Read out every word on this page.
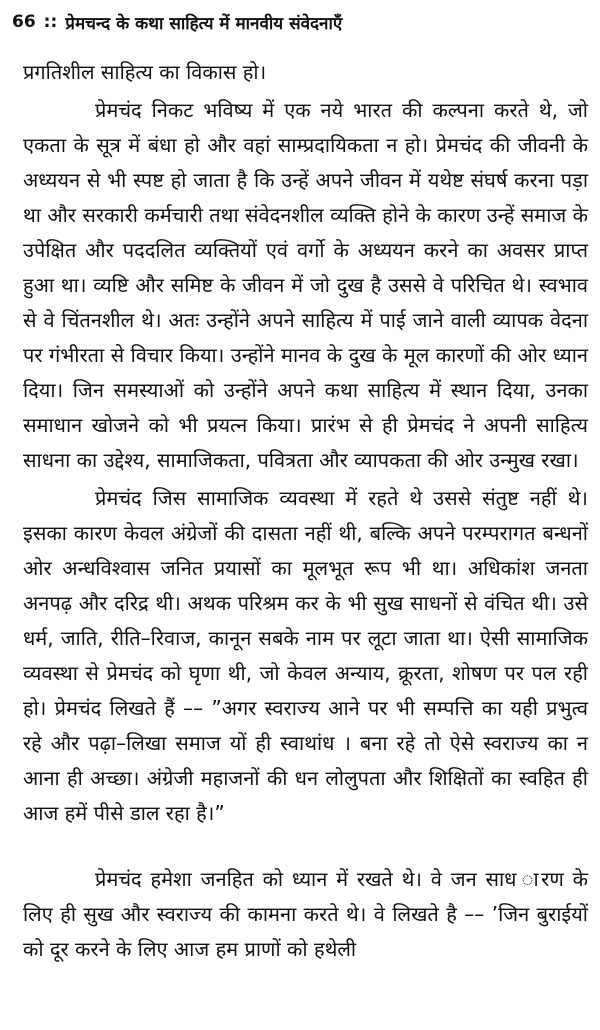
66 :: प्रेमचन्द के कथा साहित्य में मानवीय संवेदनाएँ

प्रगतिशील साहित्य का विकास हो।

प्रेमचंद निकट भविष्य में एक नये भारत की कल्पना करते थे, जो एकता के सूत्र में बंधा हो और वहां साम्प्रदायिकता न हो। प्रेमचंद की जीवनी के अध्ययन से भी स्पष्ट हो जाता है कि उन्हें अपने जीवन में यथेष्ट संघर्ष करना पड़ा था और सरकारी कर्मचारी तथा संवेदनशील व्यक्ति होने के कारण उन्हें समाज के उपेक्षित और पददलित व्यक्तियों एवं वर्गो के अध्ययन करने का अवसर प्राप्त हुआ था। व्यष्टि और समिष्ट के जीवन में जो दुख है उससे वे परिचित थे। स्वभाव से वे चिंतनशील थे। अतः उन्होंने अपने साहित्य में पाई जाने वाली व्यापक वेदना पर गंभीरता से विचार किया। उन्होंने मानव के दुख के मूल कारणों की ओर ध्यान दिया। जिन समस्याओं को उन्होंने अपने कथा साहित्य में स्थान दिया, उनका समाधान खोजने को भी प्रयत्न किया। प्रारंभ से ही प्रेमचंद ने अपनी साहित्य साधना का उद्देश्य, सामाजिकता, पवित्रता और व्यापकता की ओर उन्मुख रखा।

प्रेमचंद जिस सामाजिक व्यवस्था में रहते थे उससे संतुष्ट नहीं थे। इसका कारण केवल अंग्रेजों की दासता नहीं थी, बल्कि अपने परम्परागत बन्धनों ओर अन्धविश्वास जनित प्रयासों का मूलभूत रूप भी था। अधिकांश जनता अनपढ़ और दरिद्र थी। अथक परिश्रम कर के भी सुख साधनों से वंचित थी। उसे धर्म, जाति, रीति–रिवाज, कानून सबके नाम पर लूटा जाता था। ऐसी सामाजिक व्यवस्था से प्रेमचंद को घृणा थी, जो केवल अन्याय, क्रूरता, शोषण पर पल रही हो। प्रेमचंद लिखते हैं –– ”अगर स्वराज्य आने पर भी सम्पत्ति का यही प्रभुत्व रहे और पढ़ा–लिखा समाज यों ही स्वाथांध । बना रहे तो ऐसे स्वराज्य का न आना ही अच्छा। अंग्रेजी महाजनों की धन लोलुपता और शिक्षितों का स्वहित ही आज हमें पीसे डाल रहा है।”

प्रेमचंद हमेशा जनहित को ध्यान में रखते थे। वे जन साध ारण के लिए ही सुख और स्वराज्य की कामना करते थे। वे लिखते है –– ’जिन बुराईयों को दूर करने के लिए आज हम प्राणों को हथेली
